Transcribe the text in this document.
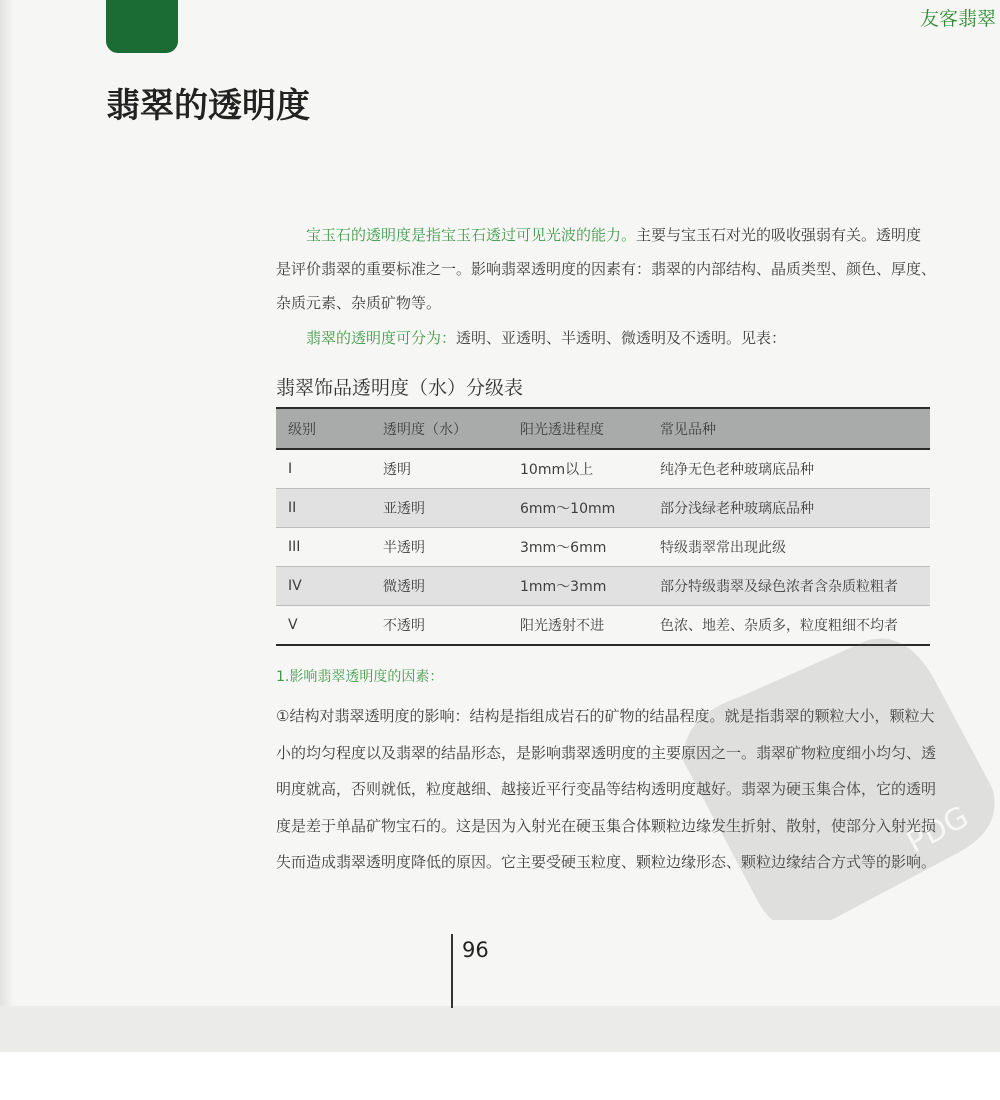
友客翡翠
翡翠的透明度
宝玉石的透明度是指宝玉石透过可见光波的能力。主要与宝玉石对光的吸收强弱有关。透明度是评价翡翠的重要标准之一。影响翡翠透明度的因素有：翡翠的内部结构、晶质类型、颜色、厚度、杂质元素、杂质矿物等。
翡翠的透明度可分为：透明、亚透明、半透明、微透明及不透明。见表：
翡翠饰品透明度（水）分级表
级别	透明度（水）	阳光透进程度	常见品种
I	透明	10mm以上	纯净无色老种玻璃底品种
II	亚透明	6mm～10mm	部分浅绿老种玻璃底品种
III	半透明	3mm～6mm	特级翡翠常出现此级
IV	微透明	1mm～3mm	部分特级翡翠及绿色浓者含杂质粒粗者
V	不透明	阳光透射不进	色浓、地差、杂质多，粒度粗细不均者
1.影响翡翠透明度的因素：
①结构对翡翠透明度的影响：结构是指组成岩石的矿物的结晶程度。就是指翡翠的颗粒大小，颗粒大小的均匀程度以及翡翠的结晶形态，是影响翡翠透明度的主要原因之一。翡翠矿物粒度细小均匀、透明度就高，否则就低，粒度越细、越接近平行变晶等结构透明度越好。翡翠为硬玉集合体，它的透明度是差于单晶矿物宝石的。这是因为入射光在硬玉集合体颗粒边缘发生折射、散射，使部分入射光损失而造成翡翠透明度降低的原因。它主要受硬玉粒度、颗粒边缘形态、颗粒边缘结合方式等的影响。
96
PDG
